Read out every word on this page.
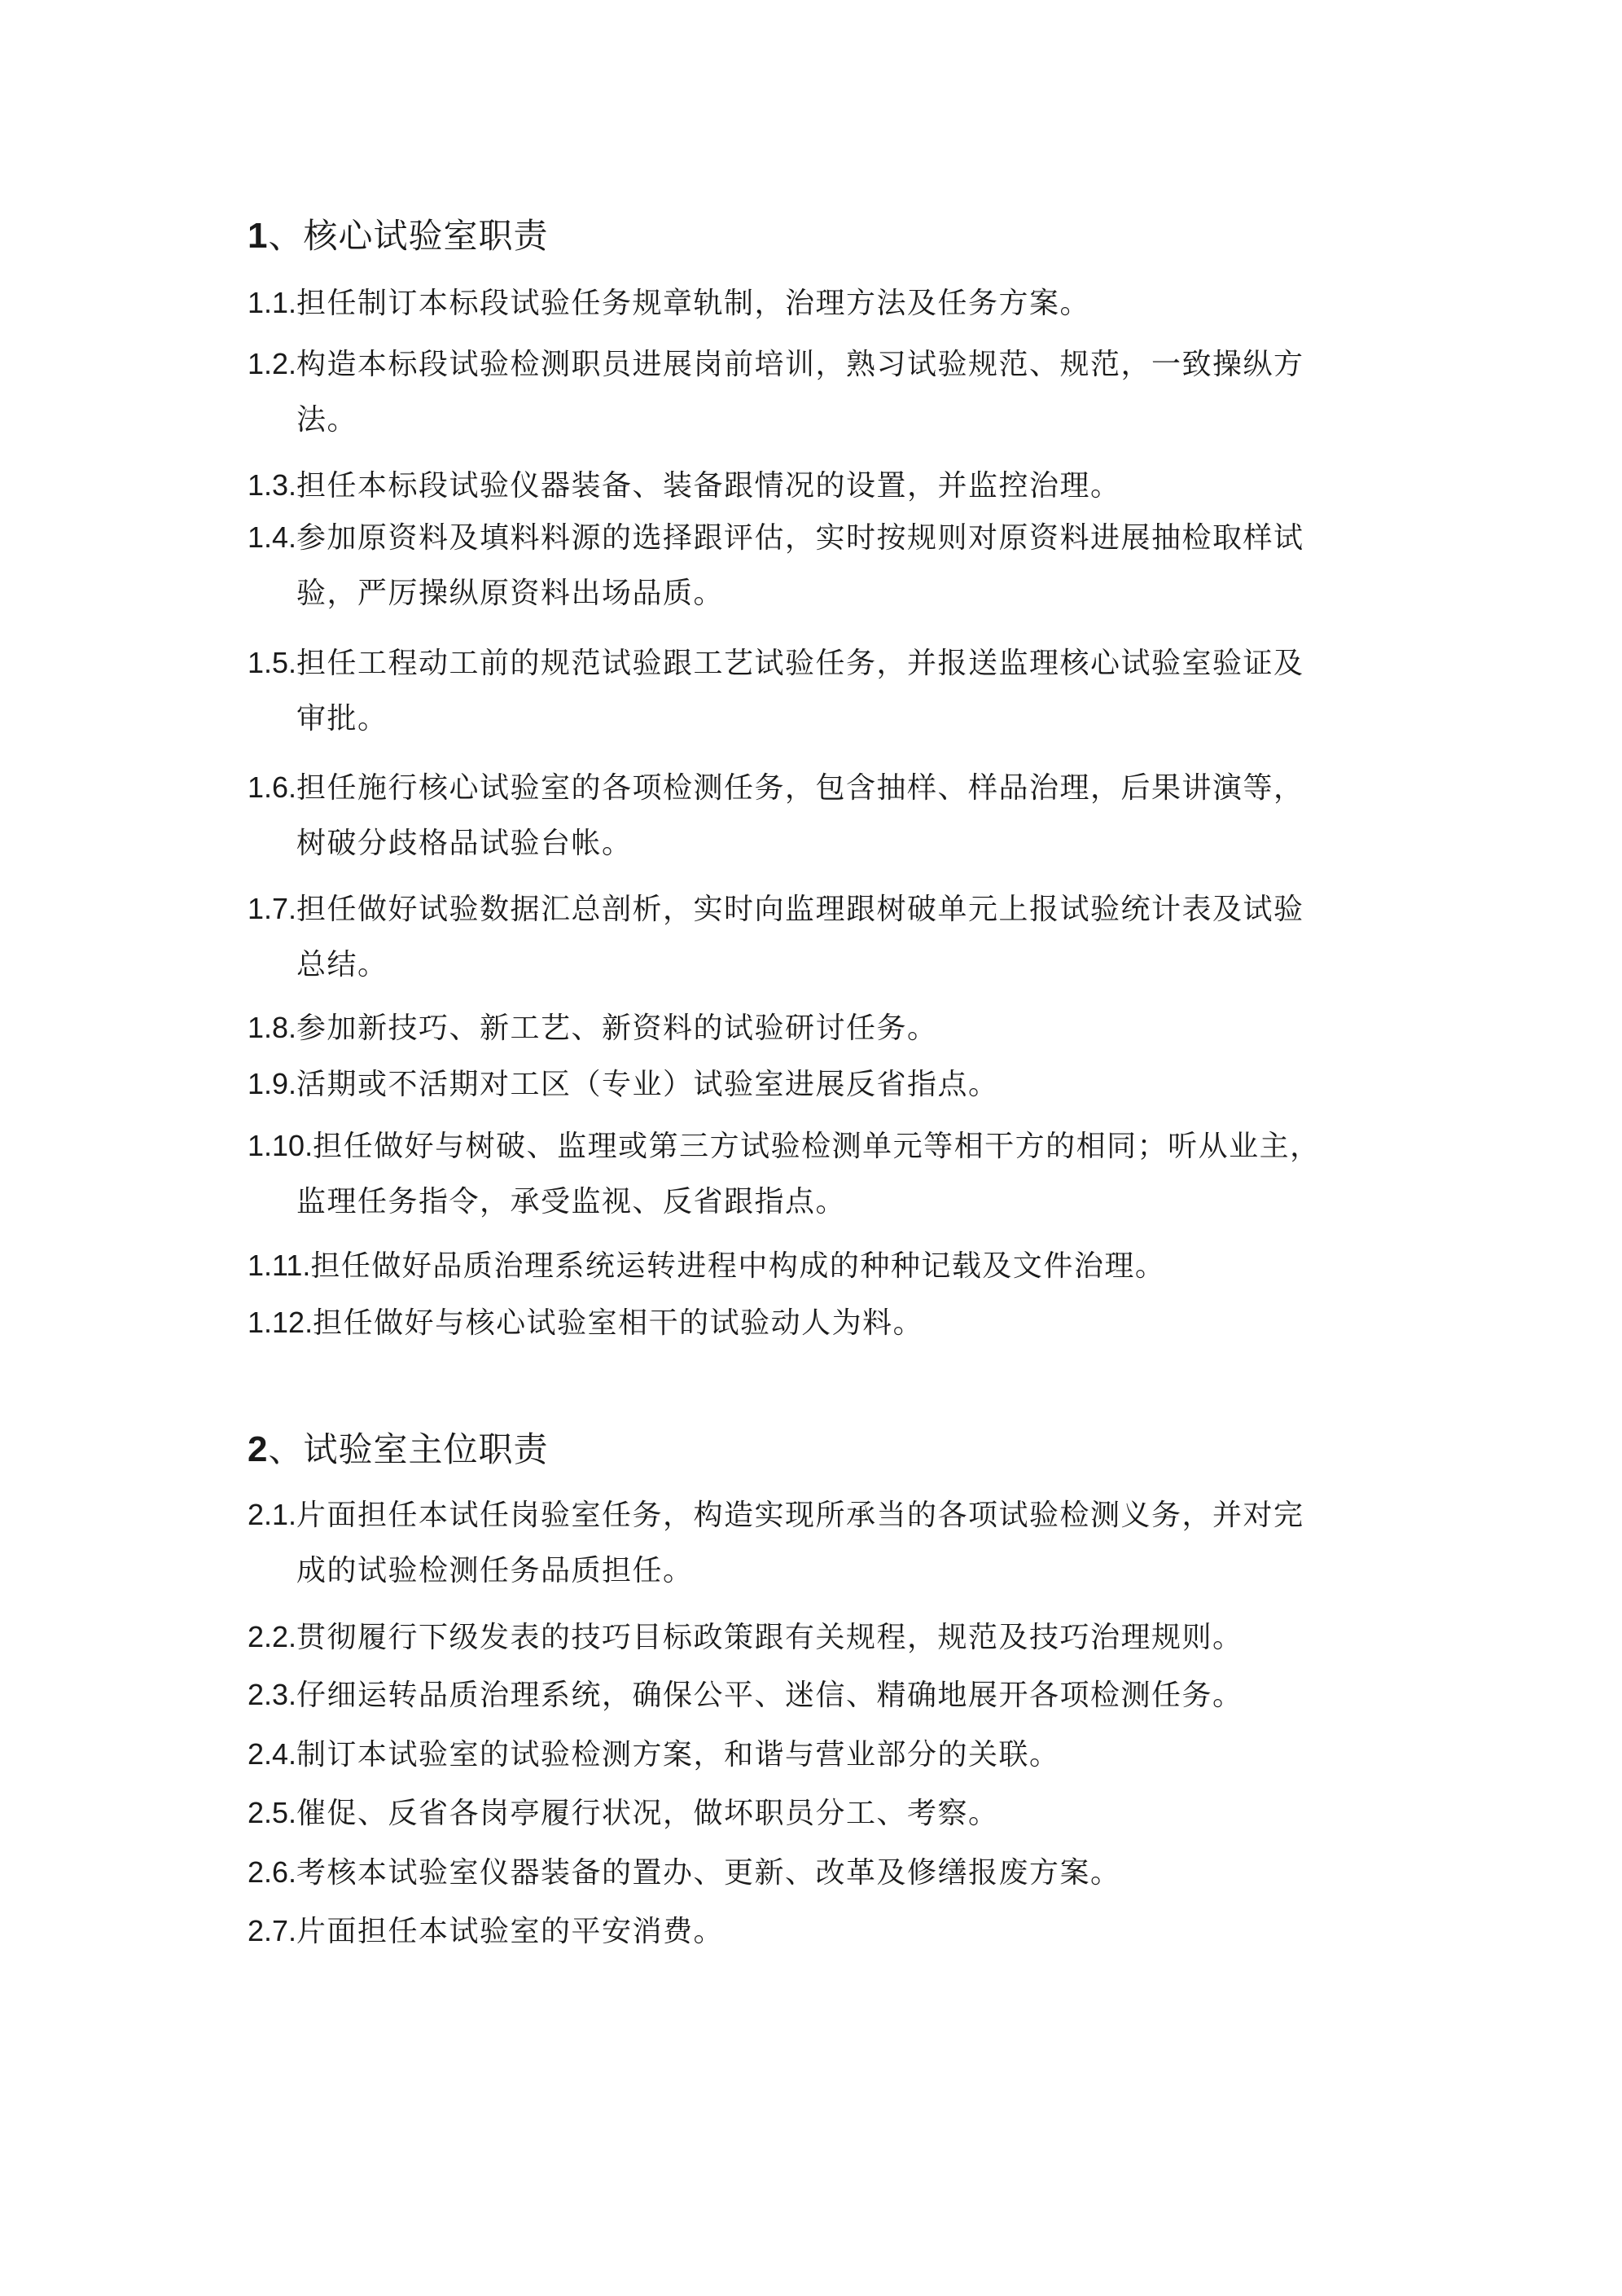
1、核心试验室职责

1.1.担任制订本标段试验任务规章轨制，治理方法及任务方案。

1.2.构造本标段试验检测职员进展岗前培训，熟习试验规范、规范，一致操纵方
法。

1.3.担任本标段试验仪器装备、装备跟情况的设置，并监控治理。

1.4.参加原资料及填料料源的选择跟评估，实时按规则对原资料进展抽检取样试
验，严厉操纵原资料出场品质。

1.5.担任工程动工前的规范试验跟工艺试验任务，并报送监理核心试验室验证及
审批。

1.6.担任施行核心试验室的各项检测任务，包含抽样、样品治理，后果讲演等，
树破分歧格品试验台帐。

1.7.担任做好试验数据汇总剖析，实时向监理跟树破单元上报试验统计表及试验
总结。

1.8.参加新技巧、新工艺、新资料的试验研讨任务。

1.9.活期或不活期对工区（专业）试验室进展反省指点。

1.10.担任做好与树破、监理或第三方试验检测单元等相干方的相同；听从业主，
监理任务指令，承受监视、反省跟指点。

1.11.担任做好品质治理系统运转进程中构成的种种记载及文件治理。

1.12.担任做好与核心试验室相干的试验动人为料。

2、试验室主位职责

2.1.片面担任本试任岗验室任务，构造实现所承当的各项试验检测义务，并对完
成的试验检测任务品质担任。

2.2.贯彻履行下级发表的技巧目标政策跟有关规程，规范及技巧治理规则。

2.3.仔细运转品质治理系统，确保公平、迷信、精确地展开各项检测任务。

2.4.制订本试验室的试验检测方案，和谐与营业部分的关联。

2.5.催促、反省各岗亭履行状况，做坏职员分工、考察。

2.6.考核本试验室仪器装备的置办、更新、改革及修缮报废方案。

2.7.片面担任本试验室的平安消费。
